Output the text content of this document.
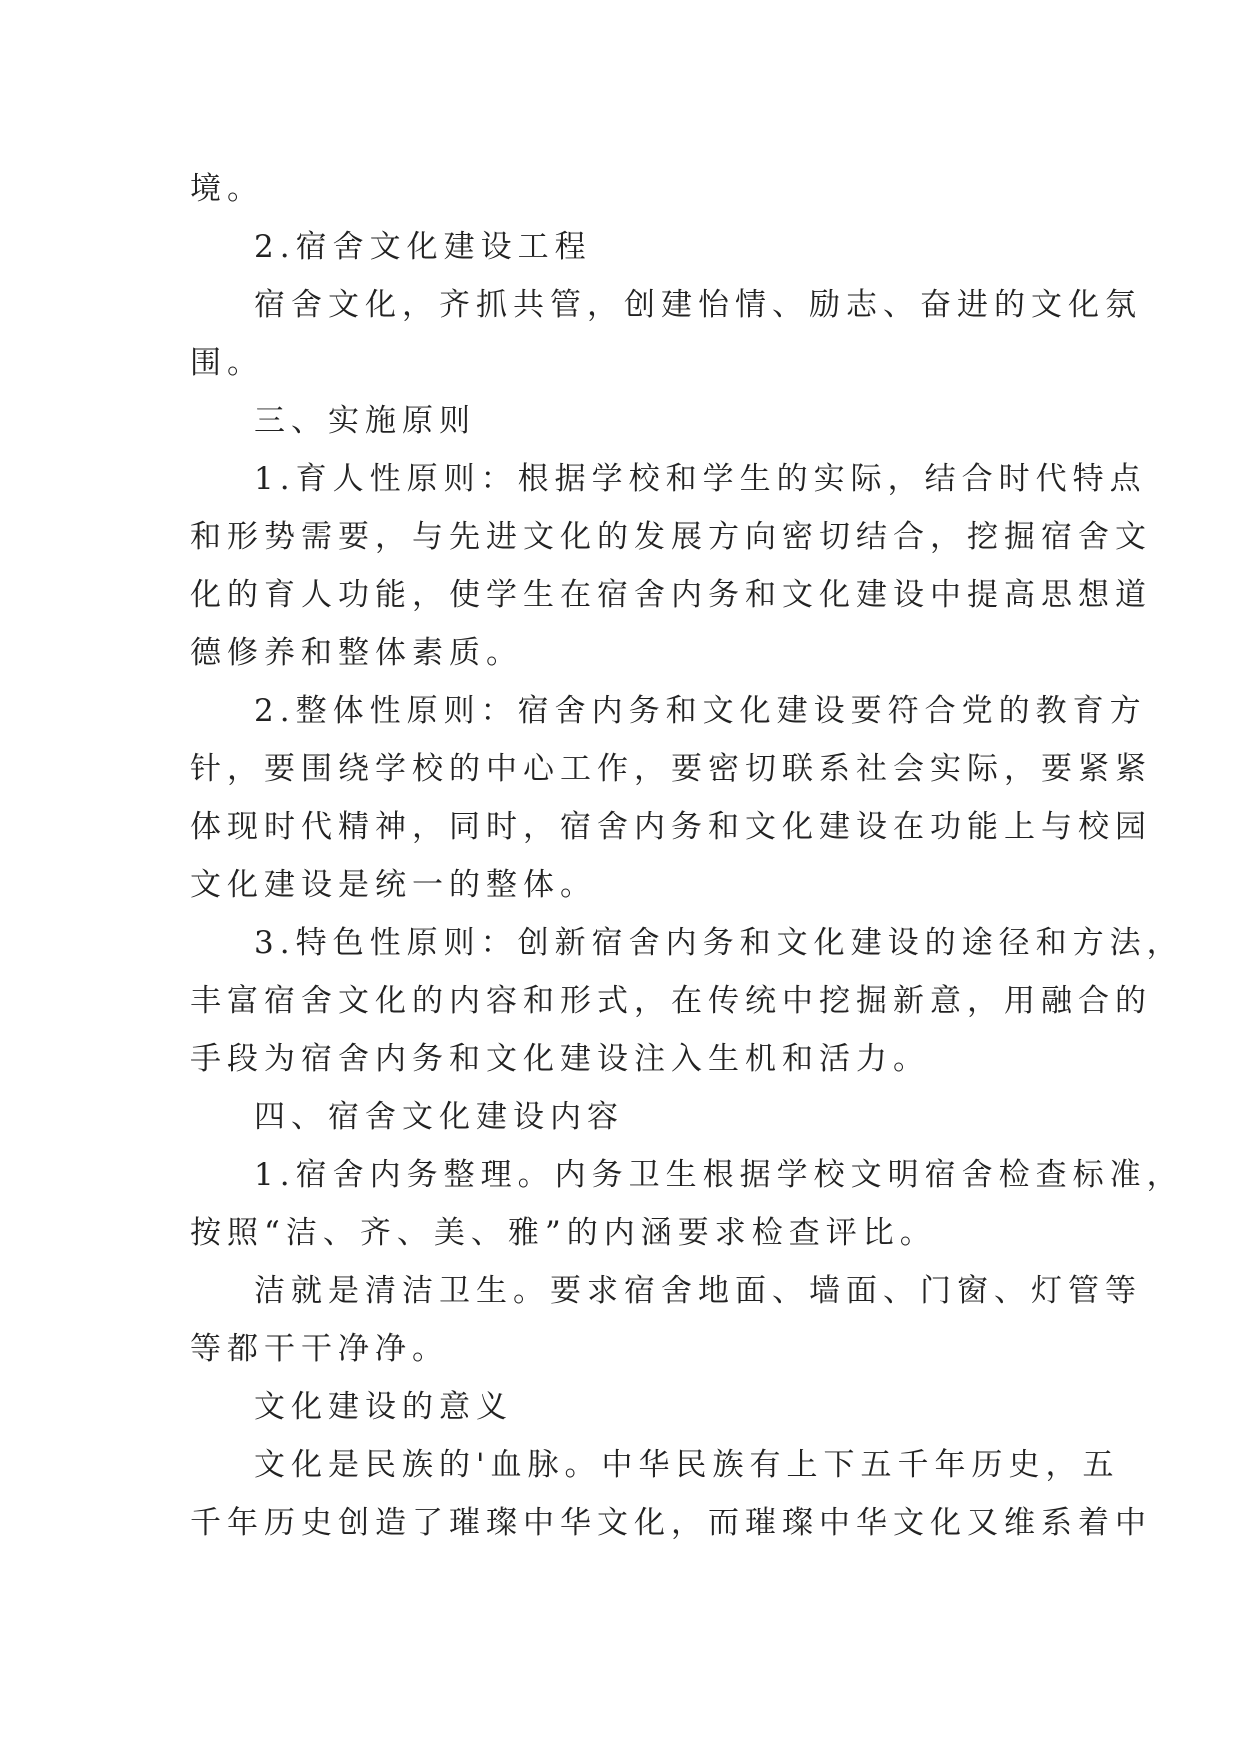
境。
2.宿舍文化建设工程
宿舍文化，齐抓共管，创建怡情、励志、奋进的文化氛
围。
三、实施原则
1.育人性原则：根据学校和学生的实际，结合时代特点
和形势需要，与先进文化的发展方向密切结合，挖掘宿舍文
化的育人功能，使学生在宿舍内务和文化建设中提高思想道
德修养和整体素质。
2.整体性原则：宿舍内务和文化建设要符合党的教育方
针，要围绕学校的中心工作，要密切联系社会实际，要紧紧
体现时代精神，同时，宿舍内务和文化建设在功能上与校园
文化建设是统一的整体。
3.特色性原则：创新宿舍内务和文化建设的途径和方法，
丰富宿舍文化的内容和形式，在传统中挖掘新意，用融合的
手段为宿舍内务和文化建设注入生机和活力。
四、宿舍文化建设内容
1.宿舍内务整理。内务卫生根据学校文明宿舍检查标准，
按照“洁、齐、美、雅”的内涵要求检查评比。
洁就是清洁卫生。要求宿舍地面、墙面、门窗、灯管等
等都干干净净。
文化建设的意义
文化是民族的'血脉。中华民族有上下五千年历史，五
千年历史创造了璀璨中华文化，而璀璨中华文化又维系着中
